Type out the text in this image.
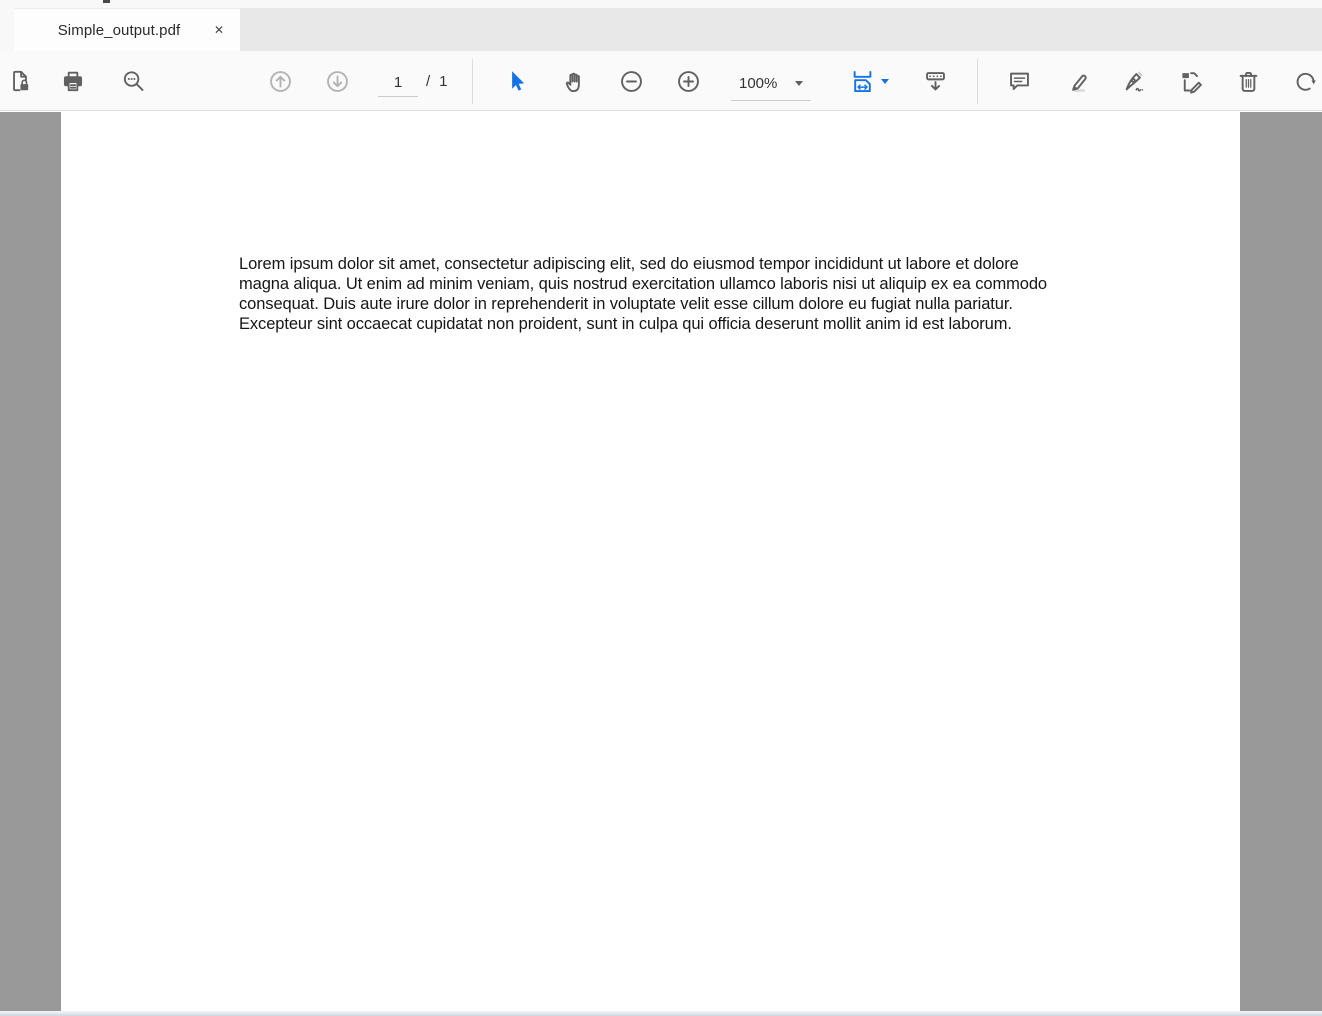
Simple_output.pdf	✕
1
/ 1	100%
Lorem ipsum dolor sit amet, consectetur adipiscing elit, sed do eiusmod tempor incididunt ut labore et dolore magna aliqua. Ut enim ad minim veniam, quis nostrud exercitation ullamco laboris nisi ut aliquip ex ea commodo consequat. Duis aute irure dolor in reprehenderit in voluptate velit esse cillum dolore eu fugiat nulla pariatur. Excepteur sint occaecat cupidatat non proident, sunt in culpa qui officia deserunt mollit anim id est laborum.
